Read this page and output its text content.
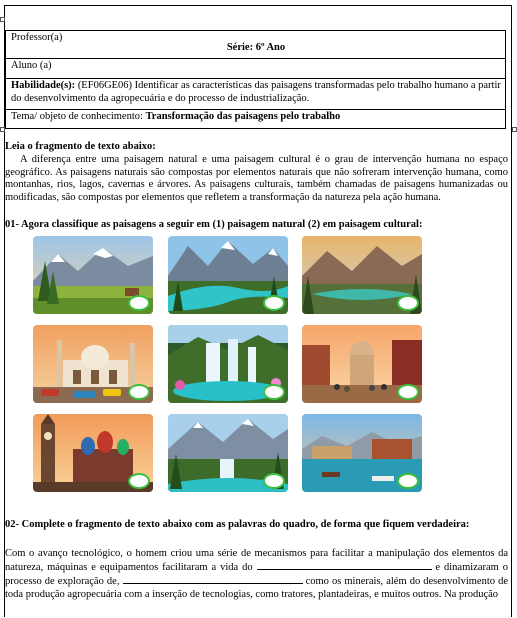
Professor(a)
Série: 6º Ano

Aluno (a)
Habilidade(s): (EF06GE06) Identificar as características das paisagens transformadas pelo trabalho humano a partir do desenvolvimento da agropecuária e do processo de industrialização.
Tema/ objeto de conhecimento: Transformação das paisagens pelo trabalho

Leia o fragmento de texto abaixo:

A diferença entre uma paisagem natural e uma paisagem cultural é o grau de intervenção humana no espaço geográfico. As paisagens naturais são compostas por elementos naturais que não sofreram intervenção humana, como montanhas, rios, lagos, cavernas e árvores. As paisagens culturais, também chamadas de paisagens humanizadas ou modificadas, são compostas por elementos que refletem a transformação da natureza pela ação humana.

01- Agora classifique as paisagens a seguir em (1) paisagem natural (2) em paisagem cultural:
02- Complete o fragmento de texto abaixo com as palavras do quadro, de forma que fiquem verdadeira:

Com o avanço tecnológico, o homem criou uma série de mecanismos para facilitar a manipulação dos elementos da natureza, máquinas e equipamentos facilitaram a vida do	e dinamizaram o processo de exploração de,	como os minerais, além do desenvolvimento de toda produção agropecuária com a inserção de tecnologias, como tratores, plantadeiras, e muitos outros. Na produção
